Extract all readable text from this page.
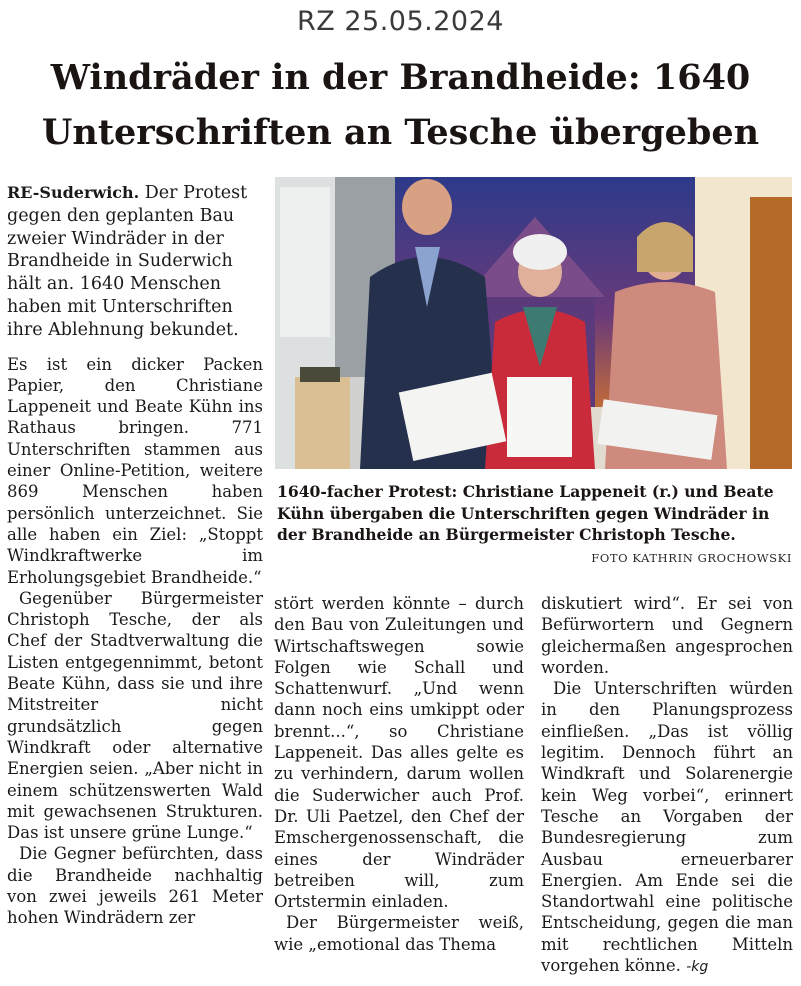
RZ 25.05.2024
Windräder in der Brandheide: 1640
Unterschriften an Tesche übergeben

RE-Suderwich. Der Protest gegen den geplanten Bau zweier Windräder in der Brandheide in Suderwich hält an. 1640 Menschen haben mit Unterschriften ihre Ablehnung bekundet.

Es ist ein dicker Packen Papier, den Christiane Lappeneit und Beate Kühn ins Rathaus bringen. 771 Unterschriften stammen aus einer Online-Petition, weitere 869 Menschen haben persönlich unterzeichnet. Sie alle haben ein Ziel: „Stoppt Windkraftwerke im Erholungsgebiet Brandheide.“

Gegenüber Bürgermeister Christoph Tesche, der als Chef der Stadtverwaltung die Listen entgegennimmt, betont Beate Kühn, dass sie und ihre Mitstreiter nicht grundsätzlich gegen Windkraft oder alternative Energien seien. „Aber nicht in einem schützenswerten Wald mit gewachsenen Strukturen. Das ist unsere grüne Lunge.“

Die Gegner befürchten, dass die Brandheide nachhaltig von zwei jeweils 261 Meter hohen Windrädern zer

1640-facher Protest: Christiane Lappeneit (r.) und Beate Kühn übergaben die Unterschriften gegen Windräder in der Brandheide an Bürgermeister Christoph Tesche.
FOTO KATHRIN GROCHOWSKI

stört werden könnte – durch den Bau von Zuleitungen und Wirtschaftswegen sowie Folgen wie Schall und Schattenwurf. „Und wenn dann noch eins umkippt oder brennt...“, so Christiane Lappeneit. Das alles gelte es zu verhindern, darum wollen die Suderwicher auch Prof. Dr. Uli Paetzel, den Chef der Emschergenossenschaft, die eines der Windräder betreiben will, zum Ortstermin einladen.

Der Bürgermeister weiß, wie „emotional das Thema

diskutiert wird“. Er sei von Befürwortern und Gegnern gleichermaßen angesprochen worden.

Die Unterschriften würden in den Planungsprozess einfließen. „Das ist völlig legitim. Dennoch führt an Windkraft und Solarenergie kein Weg vorbei“, erinnert Tesche an Vorgaben der Bundesregierung zum Ausbau erneuerbarer Energien. Am Ende sei die Standortwahl eine politische Entscheidung, gegen die man mit rechtlichen Mitteln vorgehen könne. -kg
